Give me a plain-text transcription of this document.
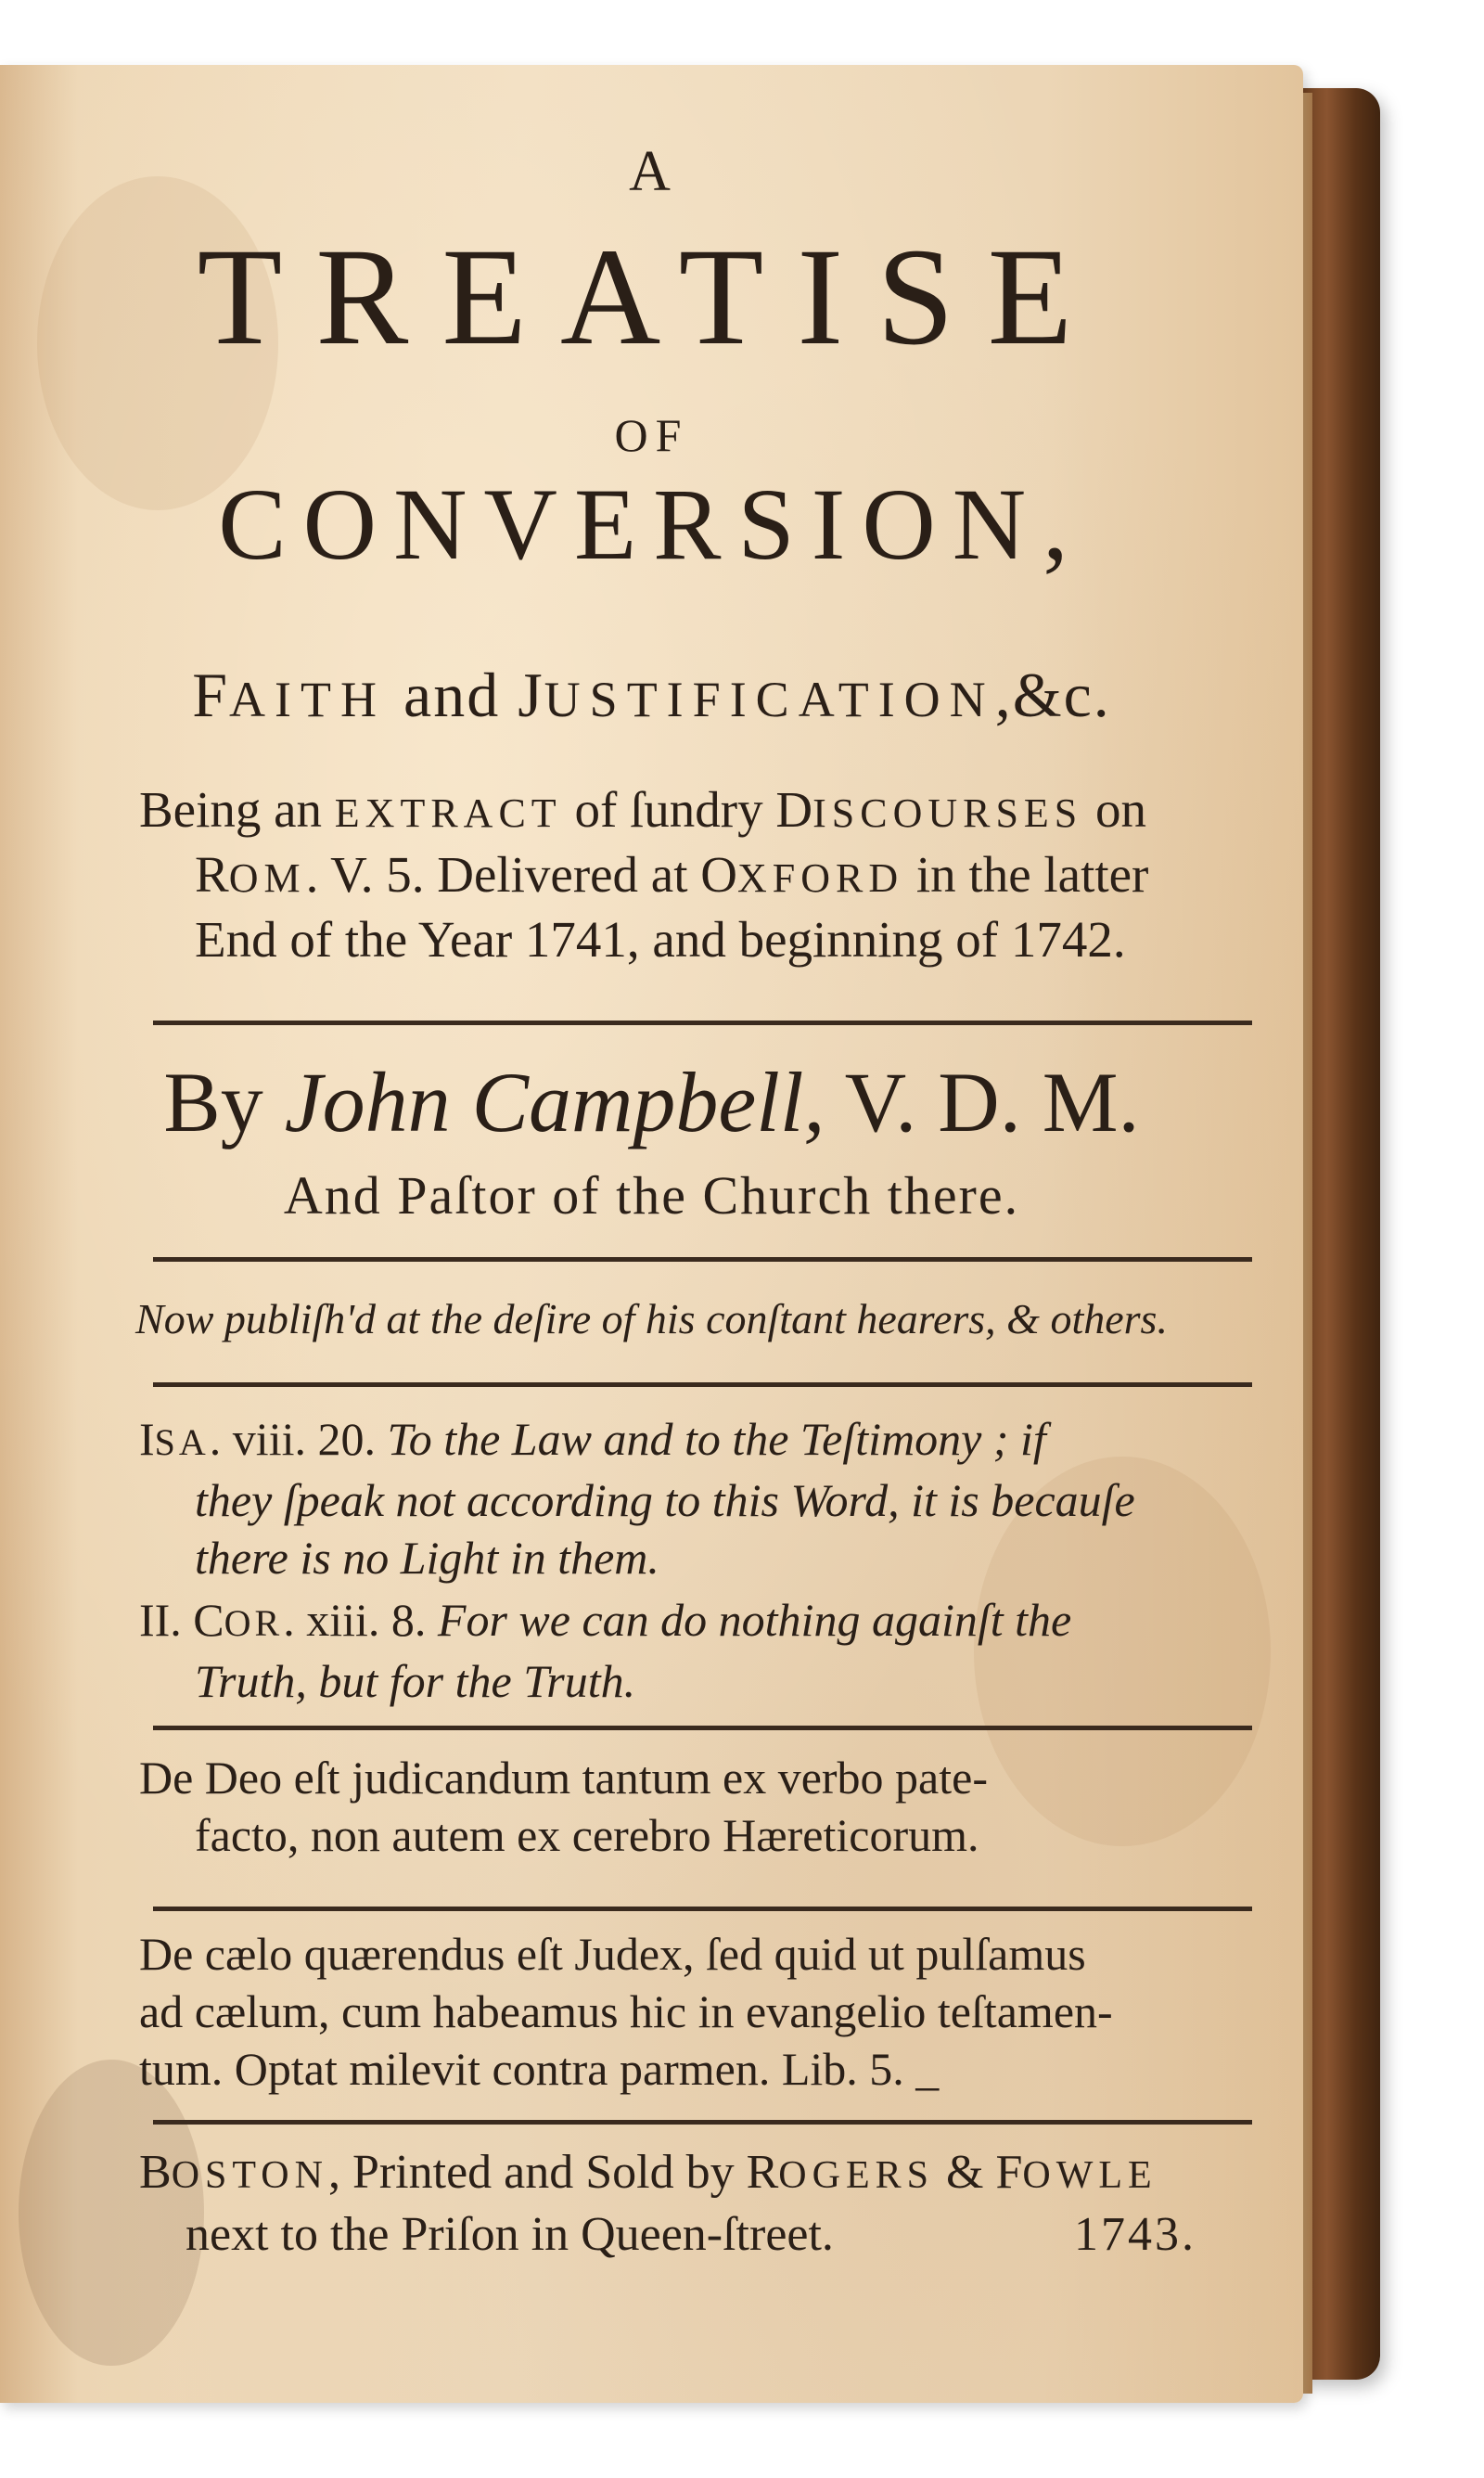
A
TREATISE
OF
CONVERSION,
FAITH and JUSTIFICATION,&c.
Being an EXTRACT of ſundry DISCOURSES on
ROM. V. 5. Delivered at OXFORD in the latter
End of the Year 1741, and beginning of 1742.
By John Campbell, V. D. M.
And Paſtor of the Church there.
Now publiſh'd at the deſire of his conſtant hearers, & others.
ISA. viii. 20. To the Law and to the Teſtimony ; if
they ſpeak not according to this Word, it is becauſe
there is no Light in them.
II. COR. xiii. 8. For we can do nothing againſt the
Truth, but for the Truth.
De Deo eſt judicandum tantum ex verbo pate-
facto, non autem ex cerebro Hæreticorum.
De cælo quærendus eſt Judex, ſed quid ut pulſamus
ad cælum, cum habeamus hic in evangelio teſtamen-
tum. Optat milevit contra parmen. Lib. 5. _
BOSTON, Printed and Sold by ROGERS & FOWLE
next to the Priſon in Queen-ſtreet.	1743.
